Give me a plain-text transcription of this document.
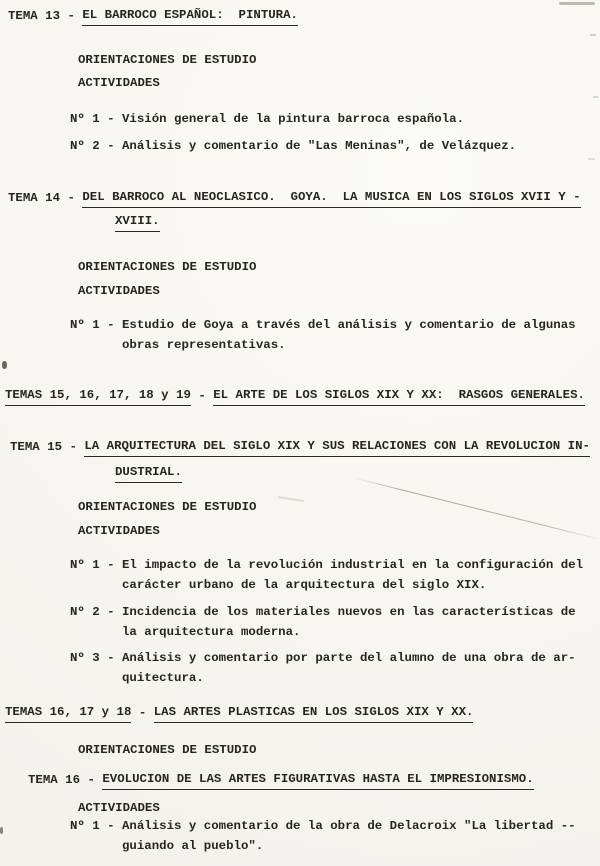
TEMA 13 - EL BARROCO ESPAÑOL:  PINTURA.
ORIENTACIONES DE ESTUDIO
ACTIVIDADES
Nº 1 - Visión general de la pintura barroca española.
Nº 2 - Análisis y comentario de "Las Meninas", de Velázquez.
TEMA 14 - DEL BARROCO AL NEOCLASICO.  GOYA.  LA MUSICA EN LOS SIGLOS XVII Y -
XVIII.
ORIENTACIONES DE ESTUDIO
ACTIVIDADES
Nº 1 - Estudio de Goya a través del análisis y comentario de algunas
obras representativas.
TEMAS 15, 16, 17, 18 y 19 - EL ARTE DE LOS SIGLOS XIX Y XX:  RASGOS GENERALES.
TEMA 15 - LA ARQUITECTURA DEL SIGLO XIX Y SUS RELACIONES CON LA REVOLUCION IN-
DUSTRIAL.
ORIENTACIONES DE ESTUDIO
ACTIVIDADES
Nº 1 - El impacto de la revolución industrial en la configuración del
carácter urbano de la arquitectura del siglo XIX.
Nº 2 - Incidencia de los materiales nuevos en las características de
la arquitectura moderna.
Nº 3 - Análisis y comentario por parte del alumno de una obra de ar-
quitectura.
TEMAS 16, 17 y 18 - LAS ARTES PLASTICAS EN LOS SIGLOS XIX Y XX.
ORIENTACIONES DE ESTUDIO
TEMA 16 - EVOLUCION DE LAS ARTES FIGURATIVAS HASTA EL IMPRESIONISMO.
ACTIVIDADES
Nº 1 - Análisis y comentario de la obra de Delacroix "La libertad --
guiando al pueblo".
